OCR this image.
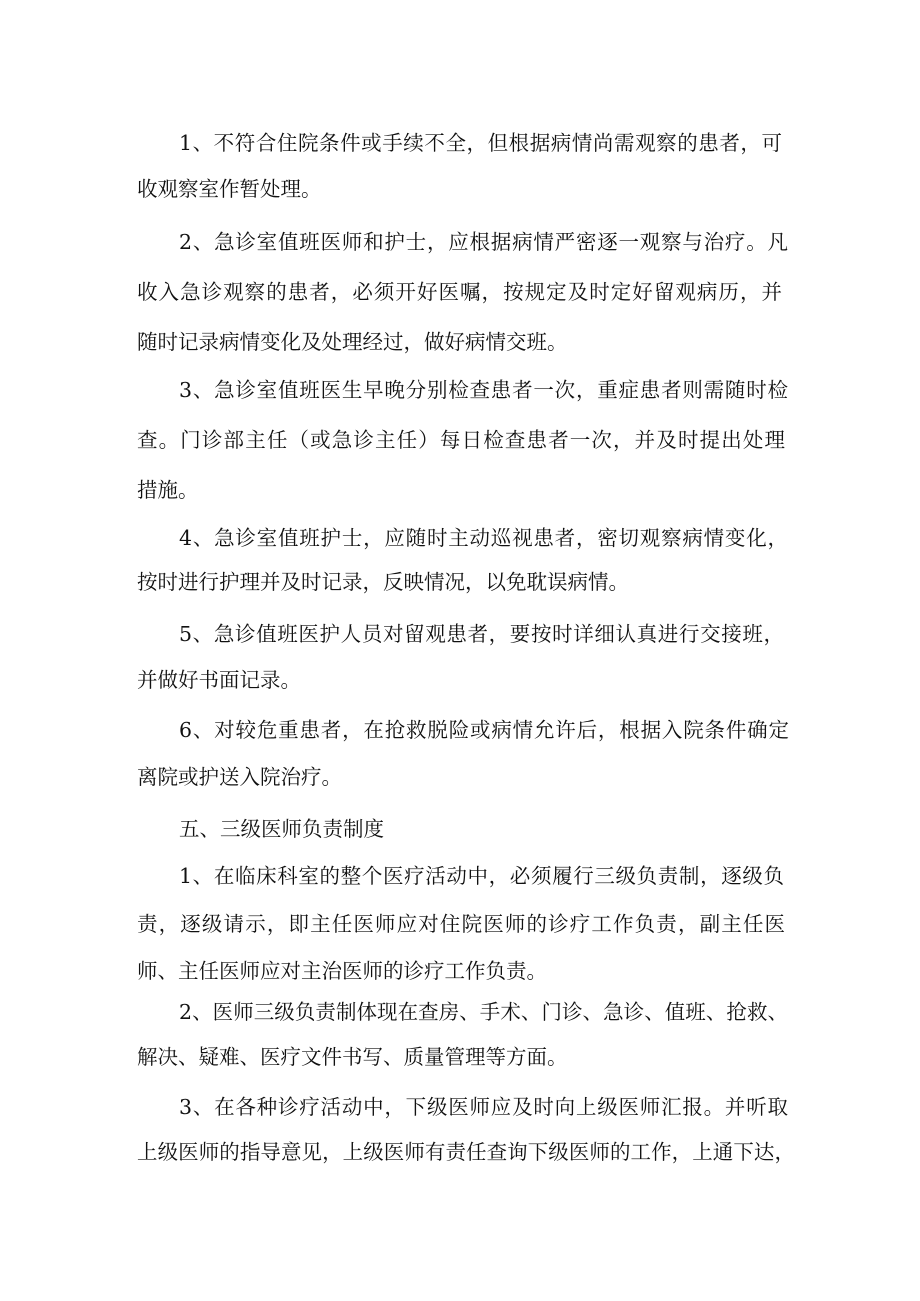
1、不符合住院条件或手续不全，但根据病情尚需观察的患者，可
收观察室作暂处理。
2、急诊室值班医师和护士，应根据病情严密逐一观察与治疗。凡
收入急诊观察的患者，必须开好医嘱，按规定及时定好留观病历，并
随时记录病情变化及处理经过，做好病情交班。
3、急诊室值班医生早晚分别检查患者一次，重症患者则需随时检
查。门诊部主任（或急诊主任）每日检查患者一次，并及时提出处理
措施。
4、急诊室值班护士，应随时主动巡视患者，密切观察病情变化，
按时进行护理并及时记录，反映情况，以免耽误病情。
5、急诊值班医护人员对留观患者，要按时详细认真进行交接班，
并做好书面记录。
6、对较危重患者，在抢救脱险或病情允许后，根据入院条件确定
离院或护送入院治疗。
五、三级医师负责制度
1、在临床科室的整个医疗活动中，必须履行三级负责制，逐级负
责，逐级请示，即主任医师应对住院医师的诊疗工作负责，副主任医
师、主任医师应对主治医师的诊疗工作负责。
2、医师三级负责制体现在查房、手术、门诊、急诊、值班、抢救、
解决、疑难、医疗文件书写、质量管理等方面。
3、在各种诊疗活动中，下级医师应及时向上级医师汇报。并听取
上级医师的指导意见，上级医师有责任查询下级医师的工作，上通下达，
